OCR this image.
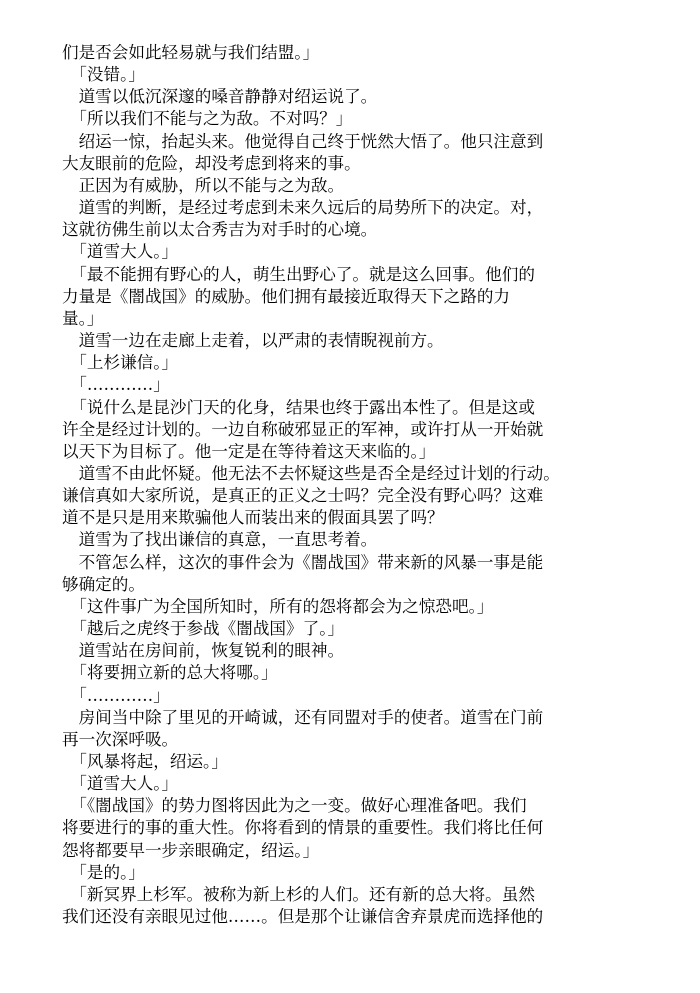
们是否会如此轻易就与我们结盟。」
　「没错。」
　道雪以低沉深邃的嗓音静静对绍运说了。
　「所以我们不能与之为敌。不对吗？」
　绍运一惊，抬起头来。他觉得自己终于恍然大悟了。他只注意到
大友眼前的危险，却没考虑到将来的事。
　正因为有威胁，所以不能与之为敌。
　道雪的判断，是经过考虑到未来久远后的局势所下的决定。对，
这就彷佛生前以太合秀吉为对手时的心境。
　「道雪大人。」
　「最不能拥有野心的人，萌生出野心了。就是这么回事。他们的
力量是《闇战国》的威胁。他们拥有最接近取得天下之路的力
量。」
　道雪一边在走廊上走着，以严肃的表情睨视前方。
　「上杉谦信。」
　「…………」
　「说什么是昆沙门天的化身，结果也终于露出本性了。但是这或
许全是经过计划的。一边自称破邪显正的军神，或许打从一开始就
以天下为目标了。他一定是在等待着这天来临的。」
　道雪不由此怀疑。他无法不去怀疑这些是否全是经过计划的行动。
谦信真如大家所说，是真正的正义之士吗？完全没有野心吗？这难
道不是只是用来欺骗他人而装出来的假面具罢了吗？
　道雪为了找出谦信的真意，一直思考着。
　不管怎么样，这次的事件会为《闇战国》带来新的风暴一事是能
够确定的。
　「这件事广为全国所知时，所有的怨将都会为之惊恐吧。」
　「越后之虎终于参战《闇战国》了。」
　道雪站在房间前，恢复锐利的眼神。
　「将要拥立新的总大将哪。」
　「…………」
　房间当中除了里见的开崎诚，还有同盟对手的使者。道雪在门前
再一次深呼吸。
　「风暴将起，绍运。」
　「道雪大人。」
　「《闇战国》的势力图将因此为之一变。做好心理准备吧。我们
将要进行的事的重大性。你将看到的情景的重要性。我们将比任何
怨将都要早一步亲眼确定，绍运。」
　「是的。」
　「新冥界上杉军。被称为新上杉的人们。还有新的总大将。虽然
我们还没有亲眼见过他……。但是那个让谦信舍弃景虎而选择他的
